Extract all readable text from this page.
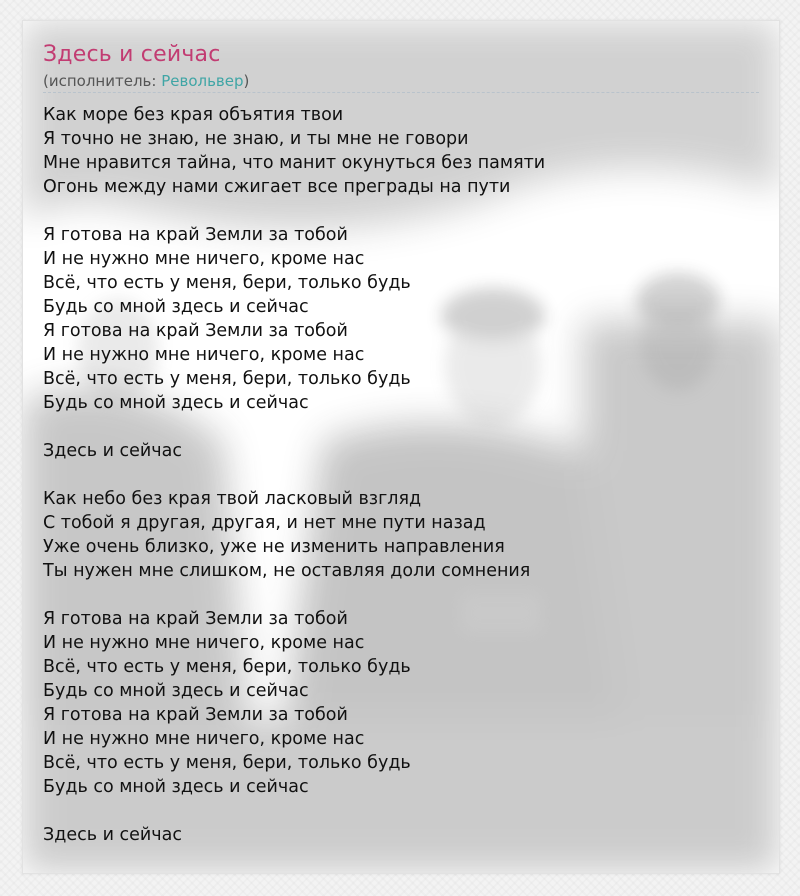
Здесь и сейчас
(исполнитель: Револьвер)
Как море без края объятия твои
Я точно не знаю, не знаю, и ты мне не говори
Мне нравится тайна, что манит окунуться без памяти
Огонь между нами сжигает все преграды на пути
Я готова на край Земли за тобой
И не нужно мне ничего, кроме нас
Всё, что есть у меня, бери, только будь
Будь со мной здесь и сейчас
Я готова на край Земли за тобой
И не нужно мне ничего, кроме нас
Всё, что есть у меня, бери, только будь
Будь со мной здесь и сейчас
Здесь и сейчас
Как небо без края твой ласковый взгляд
С тобой я другая, другая, и нет мне пути назад
Уже очень близко, уже не изменить направления
Ты нужен мне слишком, не оставляя доли сомнения
Я готова на край Земли за тобой
И не нужно мне ничего, кроме нас
Всё, что есть у меня, бери, только будь
Будь со мной здесь и сейчас
Я готова на край Земли за тобой
И не нужно мне ничего, кроме нас
Всё, что есть у меня, бери, только будь
Будь со мной здесь и сейчас
Здесь и сейчас
